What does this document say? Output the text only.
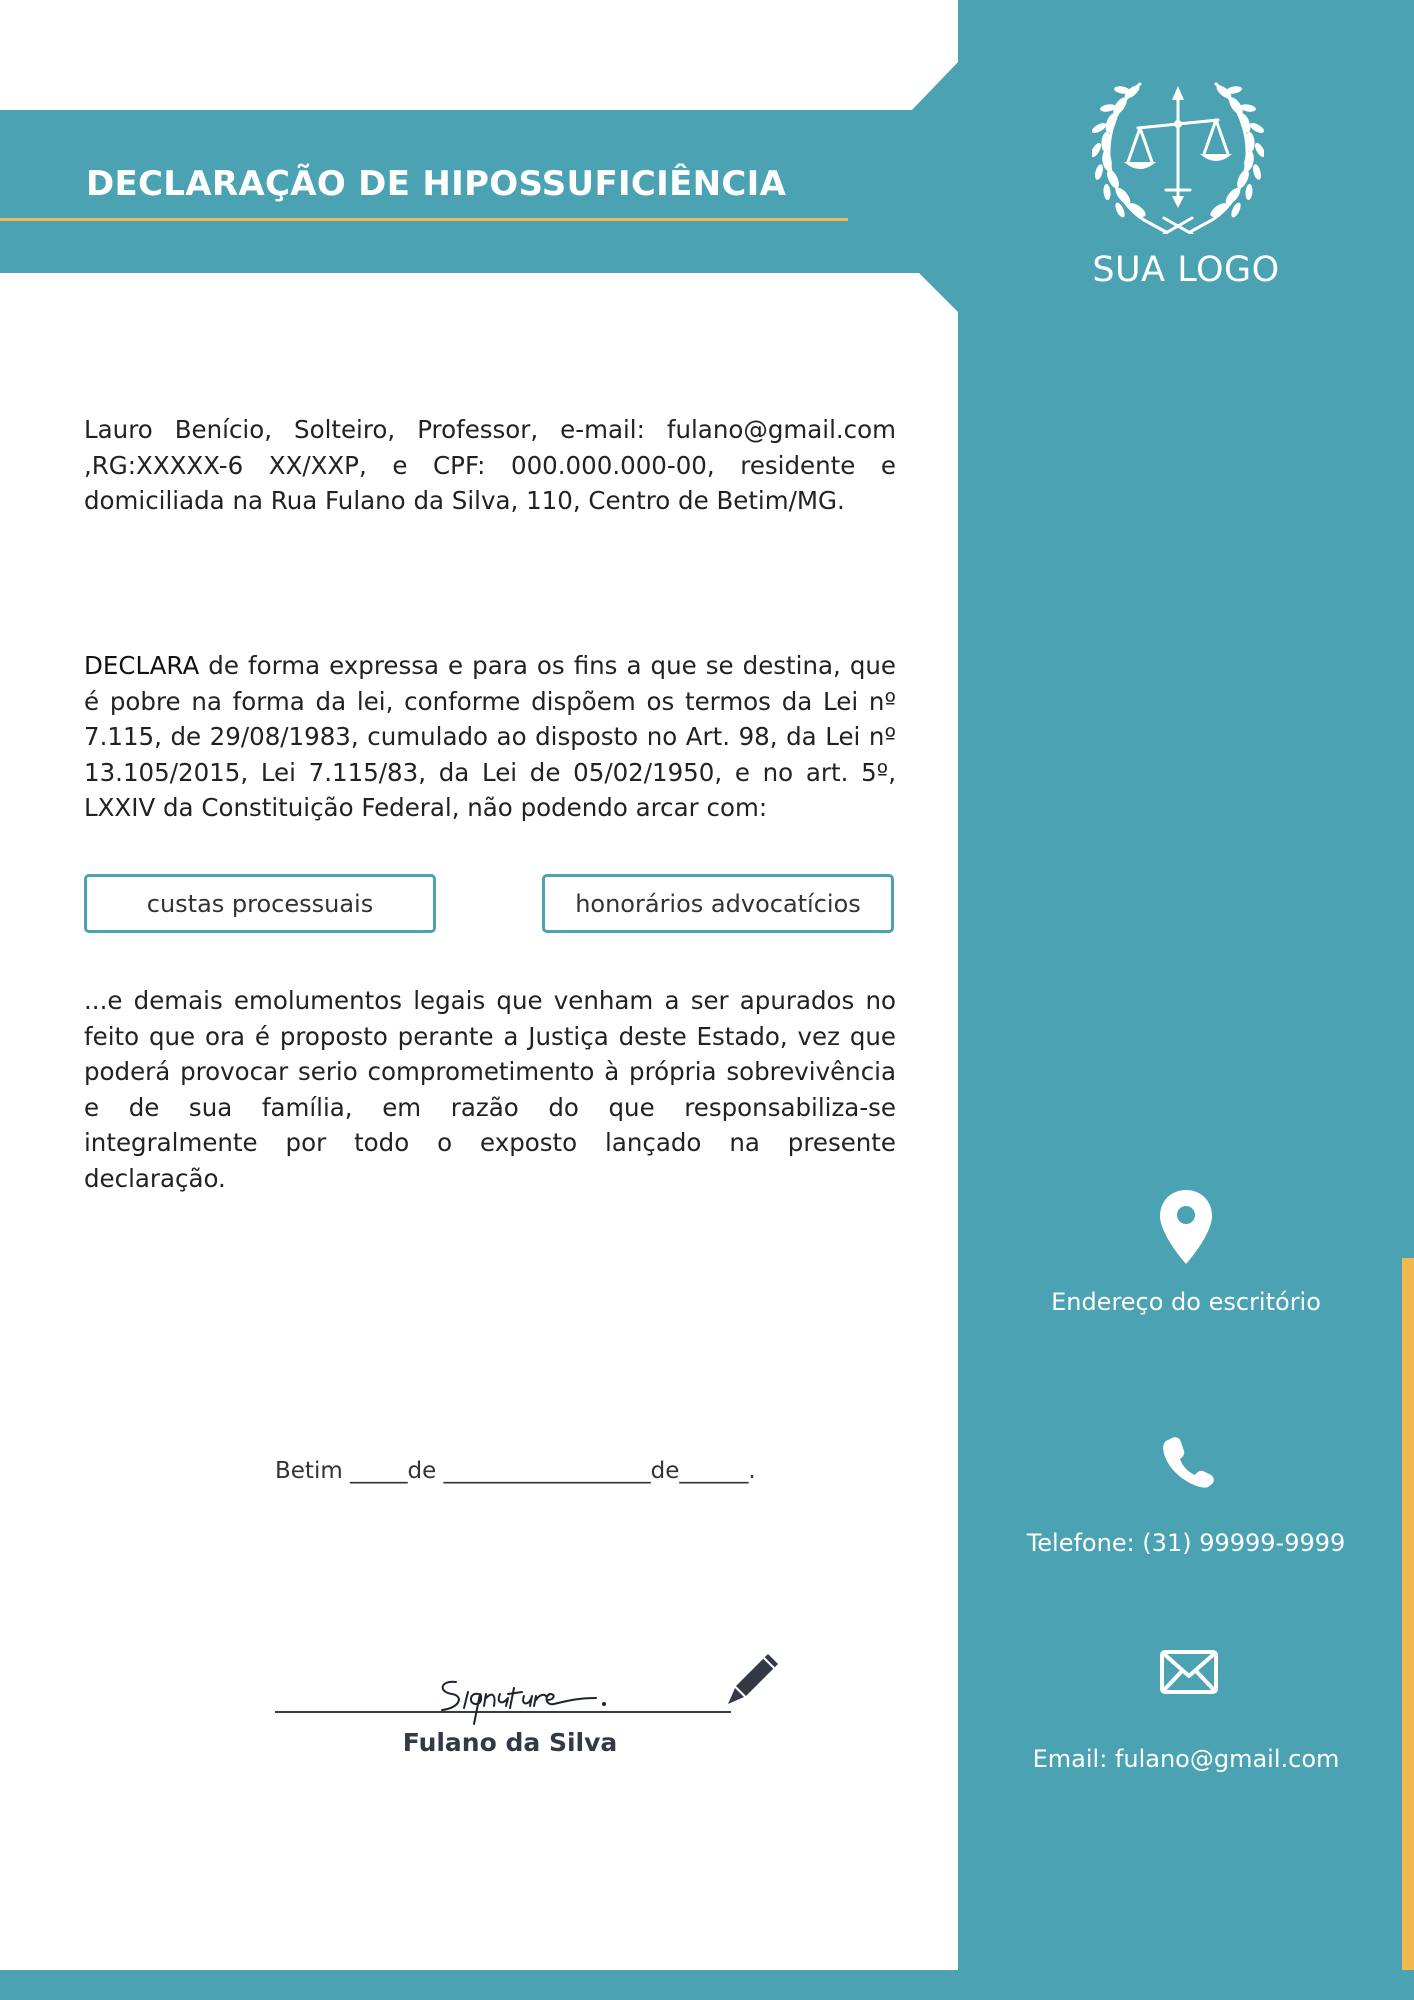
DECLARAÇÃO DE HIPOSSUFICIÊNCIA
SUA LOGO

Lauro Benício, Solteiro, Professor, e-mail: fulano@gmail.com ,RG:XXXXX-6 XX/XXP, e CPF: 000.000.000-00, residente e domiciliada na Rua Fulano da Silva, 110, Centro de Betim/MG.

DECLARA de forma expressa e para os fins a que se destina, que é pobre na forma da lei, conforme dispõem os termos da Lei nº 7.115, de 29/08/1983, cumulado ao disposto no Art. 98, da Lei nº 13.105/2015, Lei 7.115/83, da Lei de 05/02/1950, e no art. 5º, LXXIV da Constituição Federal, não podendo arcar com:

custas processuais	honorários advocatícios

...e demais emolumentos legais que venham a ser apurados no feito que ora é proposto perante a Justiça deste Estado, vez que poderá provocar serio comprometimento à própria sobrevivência e de sua família, em razão do que responsabiliza-se integralmente por todo o exposto lançado na presente declaração.

Betim _____de __________________de______.
Fulano da Silva
Endereço do escritório
Telefone: (31) 99999-9999
Email: fulano@gmail.com
